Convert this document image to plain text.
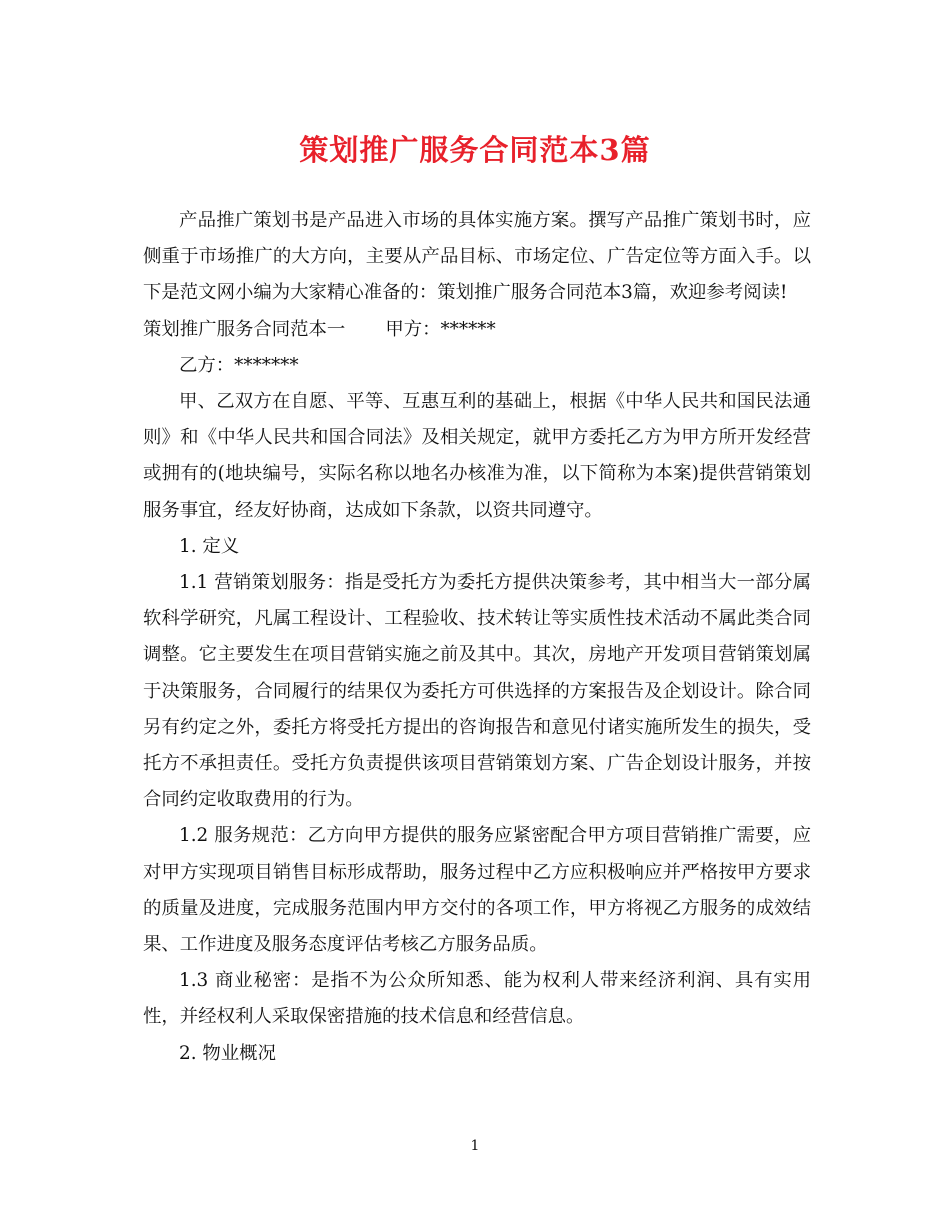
策划推广服务合同范本3篇

产品推广策划书是产品进入市场的具体实施方案。撰写产品推广策划书时，应侧重于市场推广的大方向，主要从产品目标、市场定位、广告定位等方面入手。以下是范文网小编为大家精心准备的：策划推广服务合同范本3篇，欢迎参考阅读!

策划推广服务合同范本一 甲方：******

乙方：*******

甲、乙双方在自愿、平等、互惠互利的基础上，根据《中华人民共和国民法通则》和《中华人民共和国合同法》及相关规定，就甲方委托乙方为甲方所开发经营或拥有的(地块编号，实际名称以地名办核准为准，以下简称为本案)提供营销策划服务事宜，经友好协商，达成如下条款，以资共同遵守。

1. 定义

1.1 营销策划服务：指是受托方为委托方提供决策参考，其中相当大一部分属软科学研究，凡属工程设计、工程验收、技术转让等实质性技术活动不属此类合同调整。它主要发生在项目营销实施之前及其中。其次，房地产开发项目营销策划属于决策服务，合同履行的结果仅为委托方可供选择的方案报告及企划设计。除合同另有约定之外，委托方将受托方提出的咨询报告和意见付诸实施所发生的损失，受托方不承担责任。受托方负责提供该项目营销策划方案、广告企划设计服务，并按合同约定收取费用的行为。

1.2 服务规范：乙方向甲方提供的服务应紧密配合甲方项目营销推广需要，应对甲方实现项目销售目标形成帮助，服务过程中乙方应积极响应并严格按甲方要求的质量及进度，完成服务范围内甲方交付的各项工作，甲方将视乙方服务的成效结果、工作进度及服务态度评估考核乙方服务品质。

1.3 商业秘密：是指不为公众所知悉、能为权利人带来经济利润、具有实用性，并经权利人采取保密措施的技术信息和经营信息。

2. 物业概况

1
